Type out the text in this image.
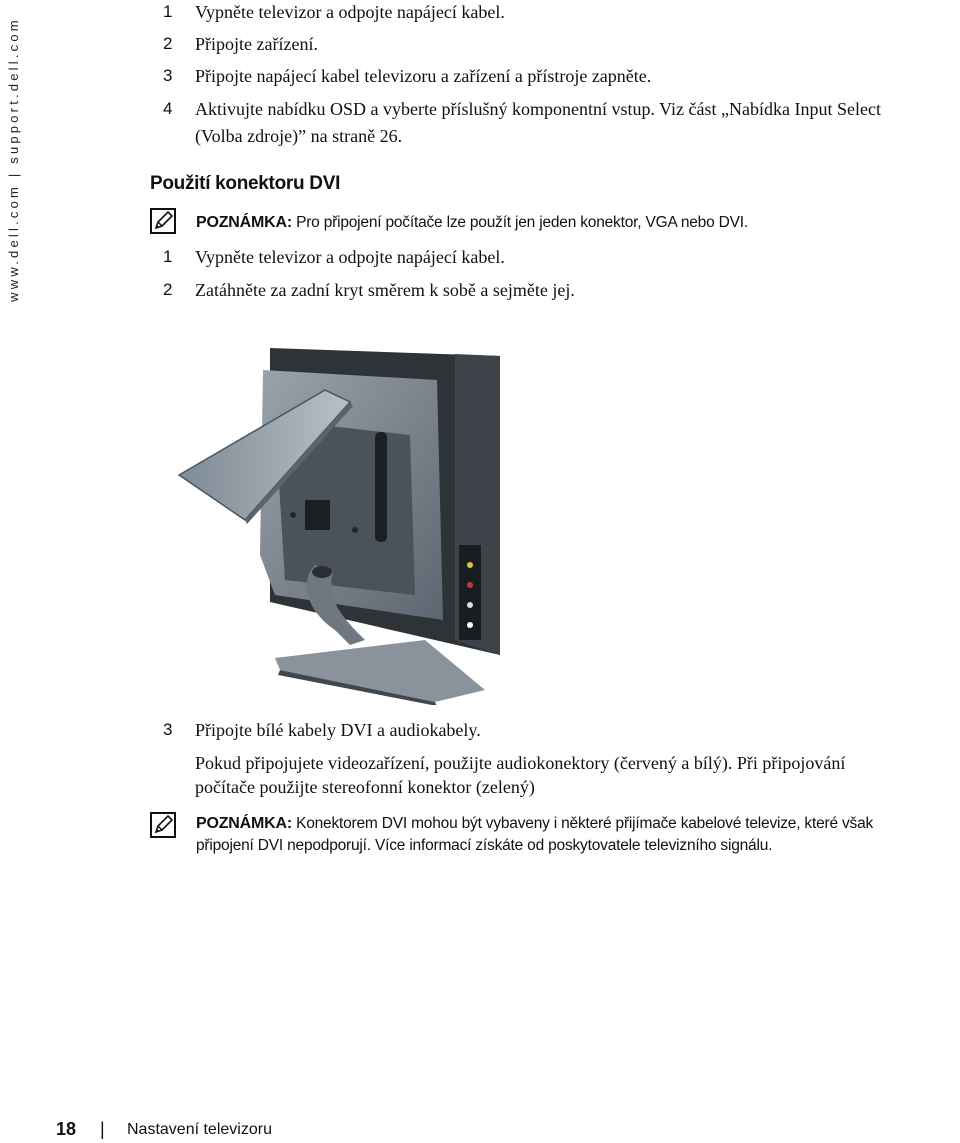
www.dell.com | support.dell.com
1 Vypněte televizor a odpojte napájecí kabel.
2 Připojte zařízení.
3 Připojte napájecí kabel televizoru a zařízení a přístroje zapněte.
4 Aktivujte nabídku OSD a vyberte příslušný komponentní vstup. Viz část „Nabídka Input Select
(Volba zdroje)” na straně 26.
Použití konektoru DVI
POZNÁMKA: Pro připojení počítače lze použít jen jeden konektor, VGA nebo DVI.
1 Vypněte televizor a odpojte napájecí kabel.
2 Zatáhněte za zadní kryt směrem k sobě a sejměte jej.
3 Připojte bílé kabely DVI a audiokabely.
Pokud připojujete videozařízení, použijte audiokonektory (červený a bílý). Při připojování
počítače použijte stereofonní konektor (zelený)
POZNÁMKA: Konektorem DVI mohou být vybaveny i některé přijímače kabelové televize, které však
připojení DVI nepodporují. Více informací získáte od poskytovatele televizního signálu.
18 | Nastavení televizoru
